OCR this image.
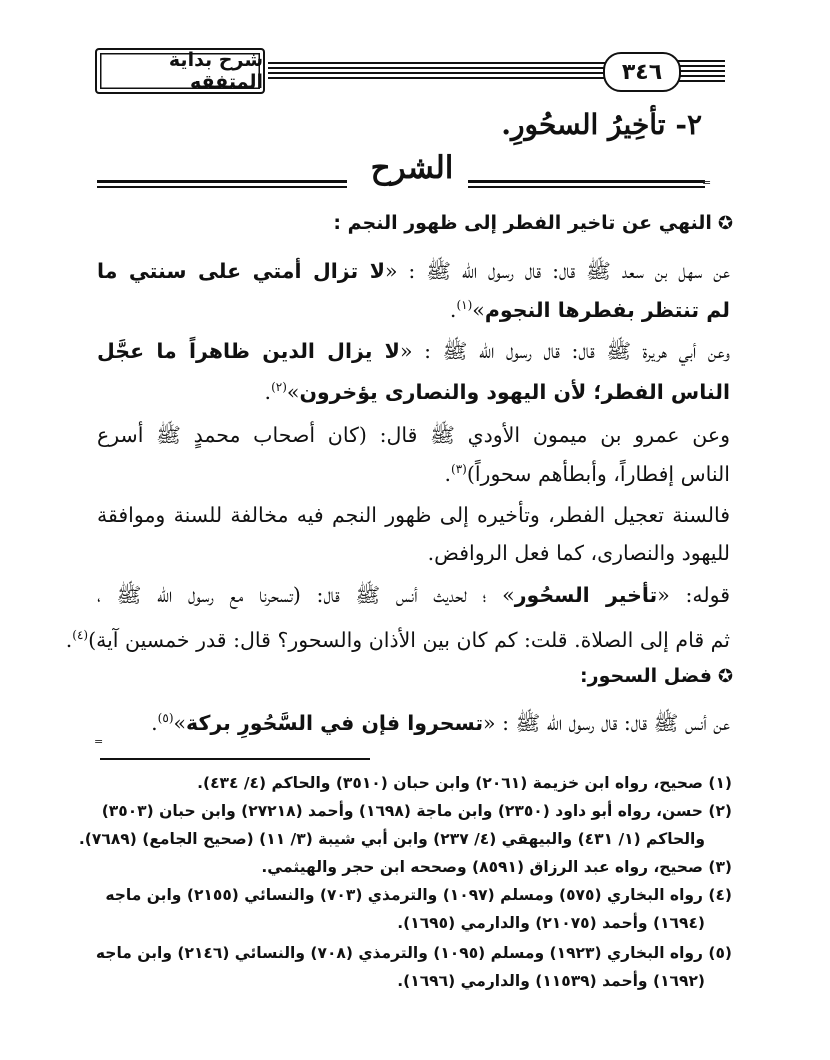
٣٤٦
شرح بداية المتفقه
٢- تأخِيرُ السحُورِ.
الشرح	=
=
✪النهي عن تاخير الفطر إلى ظهور النجم :
عن سهل بن سعد ﷺ قال: قال رسول الله ﷺ : «لا تزال أمتي على سنتي ما
لم تنتظر بفطرها النجوم»$^{(١)}$.
وعن أبي هريرة ﷺ قال: قال رسول الله ﷺ : «لا يزال الدين ظاهراً ما عجَّل
الناس الفطر؛ لأن اليهود والنصارى يؤخرون»$^{(٢)}$.
وعن عمرو بن ميمون الأودي ﷺ قال: (كان أصحاب محمدٍ ﷺ أسرع
الناس إفطاراً، وأبطأهم سحوراً)$^{(٣)}$.
فالسنة تعجيل الفطر، وتأخيره إلى ظهور النجم فيه مخالفة للسنة وموافقة
لليهود والنصارى، كما فعل الروافض.
قوله: «تأخير السحُور» ؛ لحديث أنس ﷺ قال: (تسحرنا مع رسول الله ﷺ ،
ثم قام إلى الصلاة. قلت: كم كان بين الأذان والسحور؟ قال: قدر خمسين آية)$^{(٤)}$.
✪فضل السحور:
عن أنس ﷺ قال: قال رسول الله ﷺ : «تسحروا فإن في السَّحُورِ بركة»$^{(٥)}$.
(١) صحيح، رواه ابن خزيمة (٢٠٦١) وابن حبان (٣٥١٠) والحاكم (٤/ ٤٣٤).
(٢) حسن، رواه أبو داود (٢٣٥٠) وابن ماجة (١٦٩٨) وأحمد (٢٧٢١٨) وابن حبان (٣٥٠٣)
والحاكم (١/ ٤٣١) والبيهقي (٤/ ٢٣٧) وابن أبي شيبة (٣/ ١١) (صحيح الجامع) (٧٦٨٩).
(٣) صحيح، رواه عبد الرزاق (٨٥٩١) وصححه ابن حجر والهيثمي.
(٤) رواه البخاري (٥٧٥) ومسلم (١٠٩٧) والترمذي (٧٠٣) والنسائي (٢١٥٥) وابن ماجه
(١٦٩٤) وأحمد (٢١٠٧٥) والدارمي (١٦٩٥).
(٥) رواه البخاري (١٩٢٣) ومسلم (١٠٩٥) والترمذي (٧٠٨) والنسائي (٢١٤٦) وابن ماجه
(١٦٩٢) وأحمد (١١٥٣٩) والدارمي (١٦٩٦).
